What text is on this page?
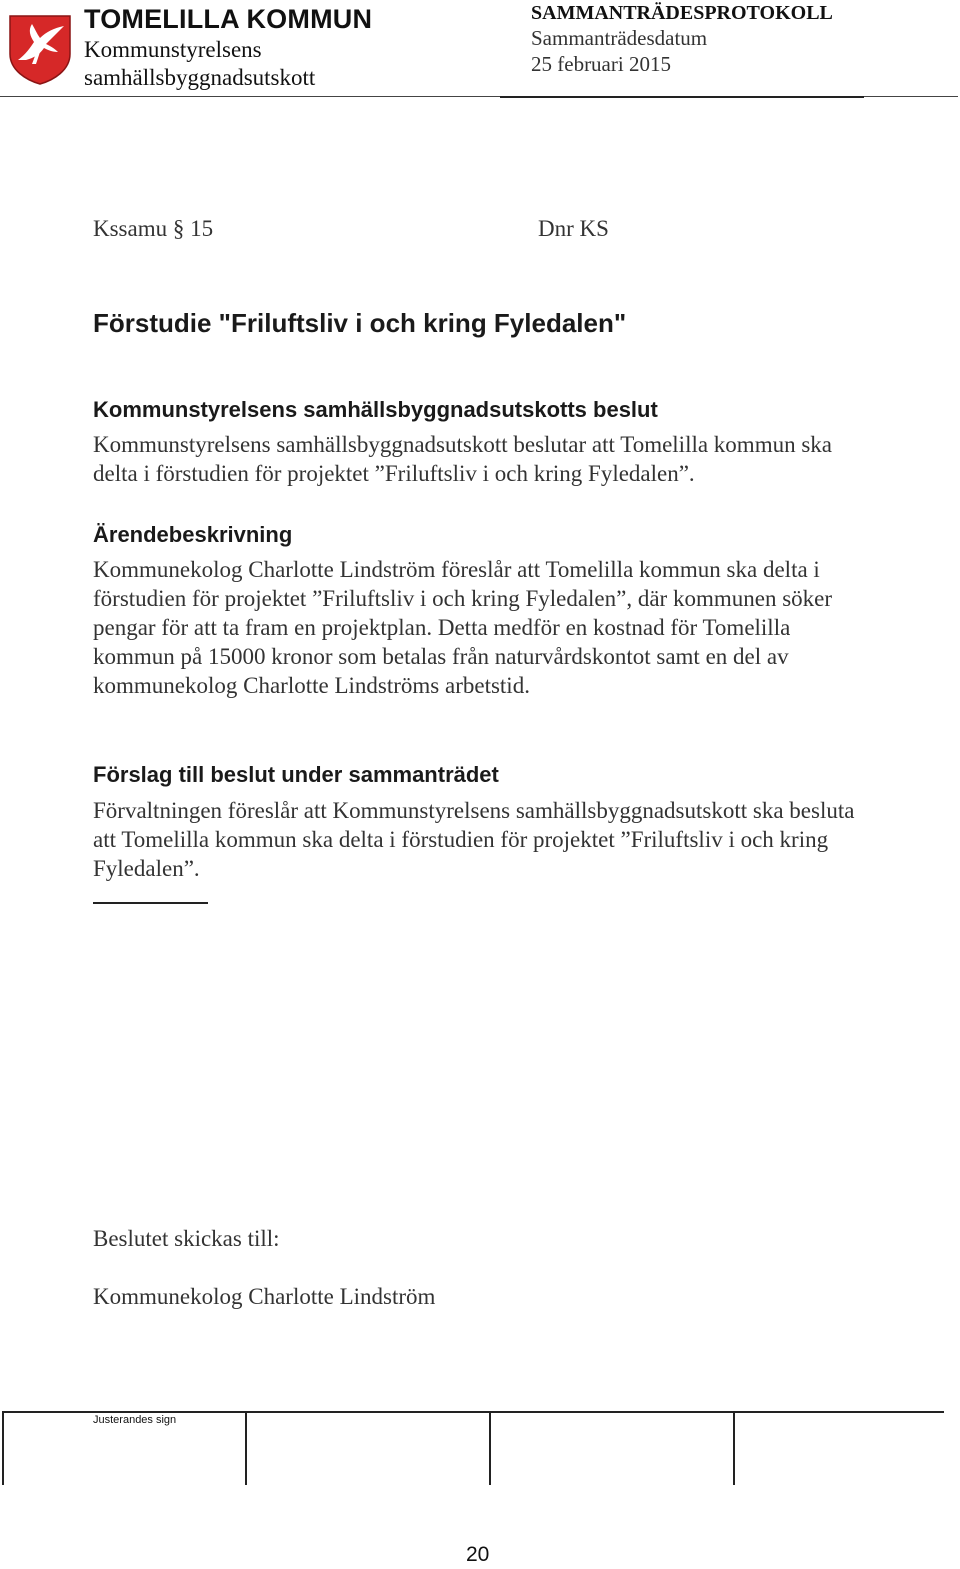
TOMELILLA KOMMUN
Kommunstyrelsens
samhällsbyggnadsutskott
SAMMANTRÄDESPROTOKOLL
Sammanträdesdatum
25 februari 2015
Kssamu § 15	Dnr KS
Förstudie "Friluftsliv i och kring Fyledalen"
Kommunstyrelsens samhällsbyggnadsutskotts beslut

Kommunstyrelsens samhällsbyggnadsutskott beslutar att Tomelilla kommun ska delta i förstudien för projektet ”Friluftsliv i och kring Fyledalen”.

Ärendebeskrivning

Kommunekolog Charlotte Lindström föreslår att Tomelilla kommun ska delta i förstudien för projektet ”Friluftsliv i och kring Fyledalen”, där kommunen söker pengar för att ta fram en projektplan. Detta medför en kostnad för Tomelilla kommun på 15000 kronor som betalas från naturvårdskontot samt en del av kommunekolog Charlotte Lindströms arbetstid.

Förslag till beslut under sammanträdet

Förvaltningen föreslår att Kommunstyrelsens samhällsbyggnadsutskott ska besluta att Tomelilla kommun ska delta i förstudien för projektet ”Friluftsliv i och kring Fyledalen”.

Beslutet skickas till:
Kommunekolog Charlotte Lindström
Justerandes sign
20
